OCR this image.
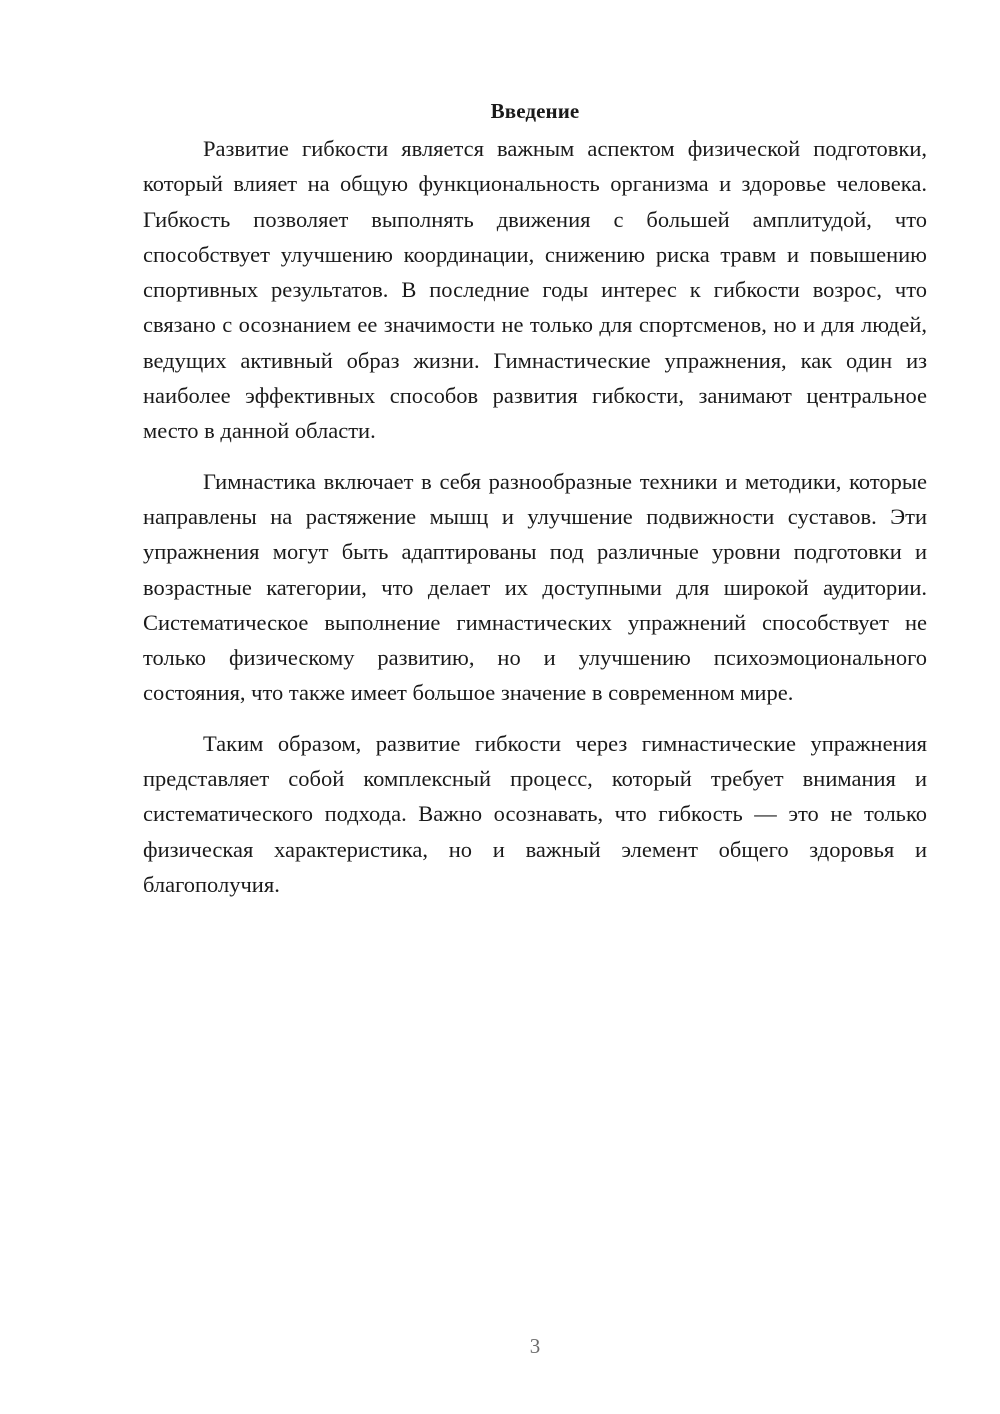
Введение

Развитие гибкости является важным аспектом физической подготовки, который влияет на общую функциональность организма и здоровье человека. Гибкость позволяет выполнять движения с большей амплитудой, что способствует улучшению координации, снижению риска травм и повышению спортивных результатов. В последние годы интерес к гибкости возрос, что связано с осознанием ее значимости не только для спортсменов, но и для людей, ведущих активный образ жизни. Гимнастические упражнения, как один из наиболее эффективных способов развития гибкости, занимают центральное место в данной области.

Гимнастика включает в себя разнообразные техники и методики, которые направлены на растяжение мышц и улучшение подвижности суставов. Эти упражнения могут быть адаптированы под различные уровни подготовки и возрастные категории, что делает их доступными для широкой аудитории. Систематическое выполнение гимнастических упражнений способствует не только физическому развитию, но и улучшению психоэмоционального состояния, что также имеет большое значение в современном мире.

Таким образом, развитие гибкости через гимнастические упражнения представляет собой комплексный процесс, который требует внимания и систематического подхода. Важно осознавать, что гибкость — это не только физическая характеристика, но и важный элемент общего здоровья и благополучия.

3
